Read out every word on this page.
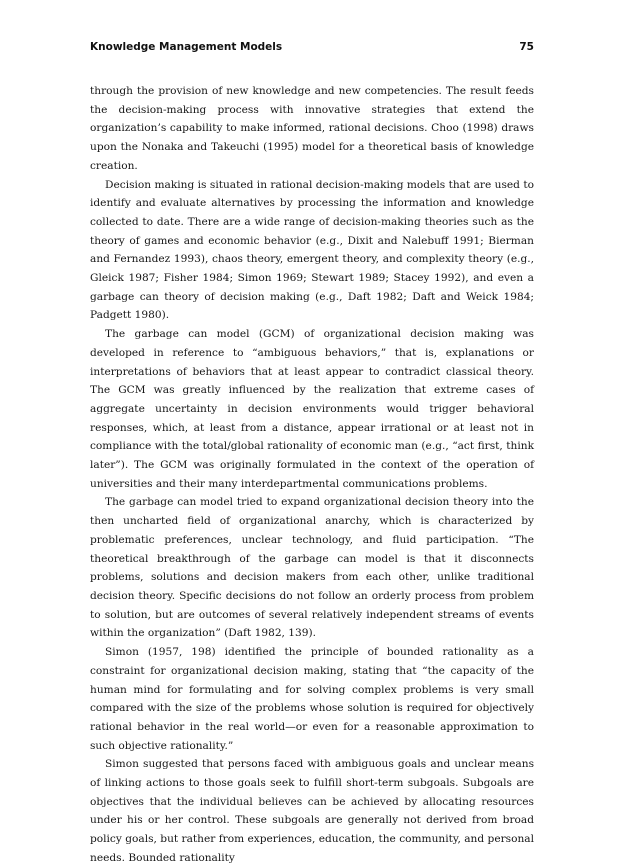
Knowledge Management Models	75

through the provision of new knowledge and new competencies. The result feeds the decision-making process with innovative strategies that extend the organization’s capability to make informed, rational decisions. Choo (1998) draws upon the Nonaka and Takeuchi (1995) model for a theoretical basis of knowledge creation.

Decision making is situated in rational decision-making models that are used to identify and evaluate alternatives by processing the information and knowledge collected to date. There are a wide range of decision-making theories such as the theory of games and economic behavior (e.g., Dixit and Nalebuff 1991; Bierman and Fernandez 1993), chaos theory, emergent theory, and complexity theory (e.g., Gleick 1987; Fisher 1984; Simon 1969; Stewart 1989; Stacey 1992), and even a garbage can theory of decision making (e.g., Daft 1982; Daft and Weick 1984; Padgett 1980).

The garbage can model (GCM) of organizational decision making was developed in reference to “ambiguous behaviors,” that is, explanations or interpretations of behaviors that at least appear to contradict classical theory. The GCM was greatly influenced by the realization that extreme cases of aggregate uncertainty in decision environments would trigger behavioral responses, which, at least from a distance, appear irrational or at least not in compliance with the total/global rationality of economic man (e.g., “act first, think later”). The GCM was originally formulated in the context of the operation of universities and their many interdepartmental communications problems.

The garbage can model tried to expand organizational decision theory into the then uncharted field of organizational anarchy, which is characterized by problematic preferences, unclear technology, and fluid participation. “The theoretical breakthrough of the garbage can model is that it disconnects problems, solutions and decision makers from each other, unlike traditional decision theory. Specific decisions do not follow an orderly process from problem to solution, but are outcomes of several relatively independent streams of events within the organization” (Daft 1982, 139).

Simon (1957, 198) identified the principle of bounded rationality as a constraint for organizational decision making, stating that “the capacity of the human mind for formulating and for solving complex problems is very small compared with the size of the problems whose solution is required for objectively rational behavior in the real world—or even for a reasonable approximation to such objective rationality.”

Simon suggested that persons faced with ambiguous goals and unclear means of linking actions to those goals seek to fulfill short-term subgoals. Subgoals are objectives that the individual believes can be achieved by allocating resources under his or her control. These subgoals are generally not derived from broad policy goals, but rather from experiences, education, the community, and personal needs. Bounded rationality
